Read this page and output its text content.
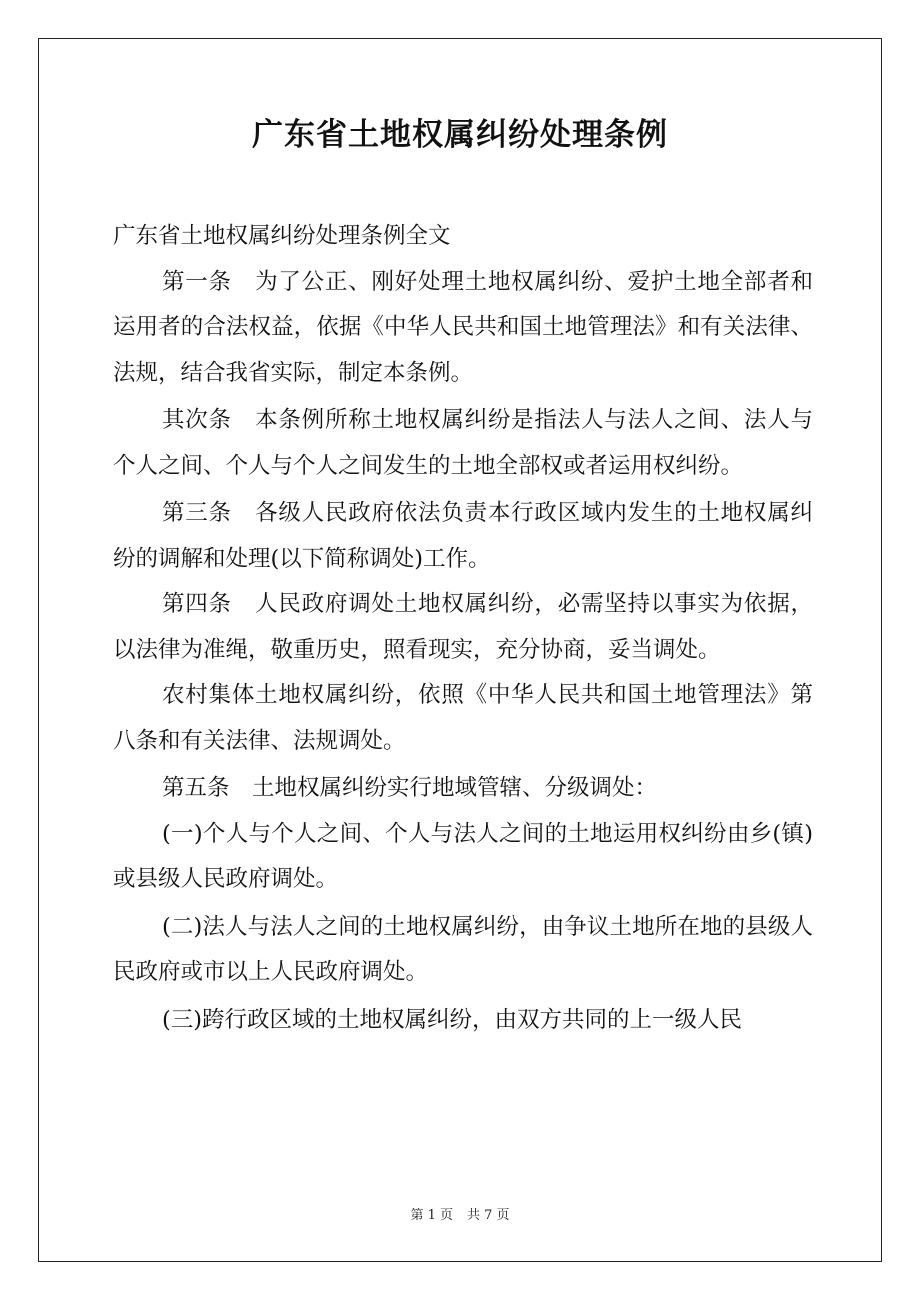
广东省土地权属纠纷处理条例

广东省土地权属纠纷处理条例全文

第一条　为了公正、刚好处理土地权属纠纷、爱护土地全部者和运用者的合法权益，依据《中华人民共和国土地管理法》和有关法律、法规，结合我省实际，制定本条例。

其次条　本条例所称土地权属纠纷是指法人与法人之间、法人与个人之间、个人与个人之间发生的土地全部权或者运用权纠纷。

第三条　各级人民政府依法负责本行政区域内发生的土地权属纠纷的调解和处理(以下简称调处)工作。

第四条　人民政府调处土地权属纠纷，必需坚持以事实为依据，以法律为准绳，敬重历史，照看现实，充分协商，妥当调处。

农村集体土地权属纠纷，依照《中华人民共和国土地管理法》第八条和有关法律、法规调处。

第五条　土地权属纠纷实行地域管辖、分级调处：

(一)个人与个人之间、个人与法人之间的土地运用权纠纷由乡(镇)或县级人民政府调处。

(二)法人与法人之间的土地权属纠纷，由争议土地所在地的县级人民政府或市以上人民政府调处。

(三)跨行政区域的土地权属纠纷，由双方共同的上一级人民

第 1 页 共 7 页
